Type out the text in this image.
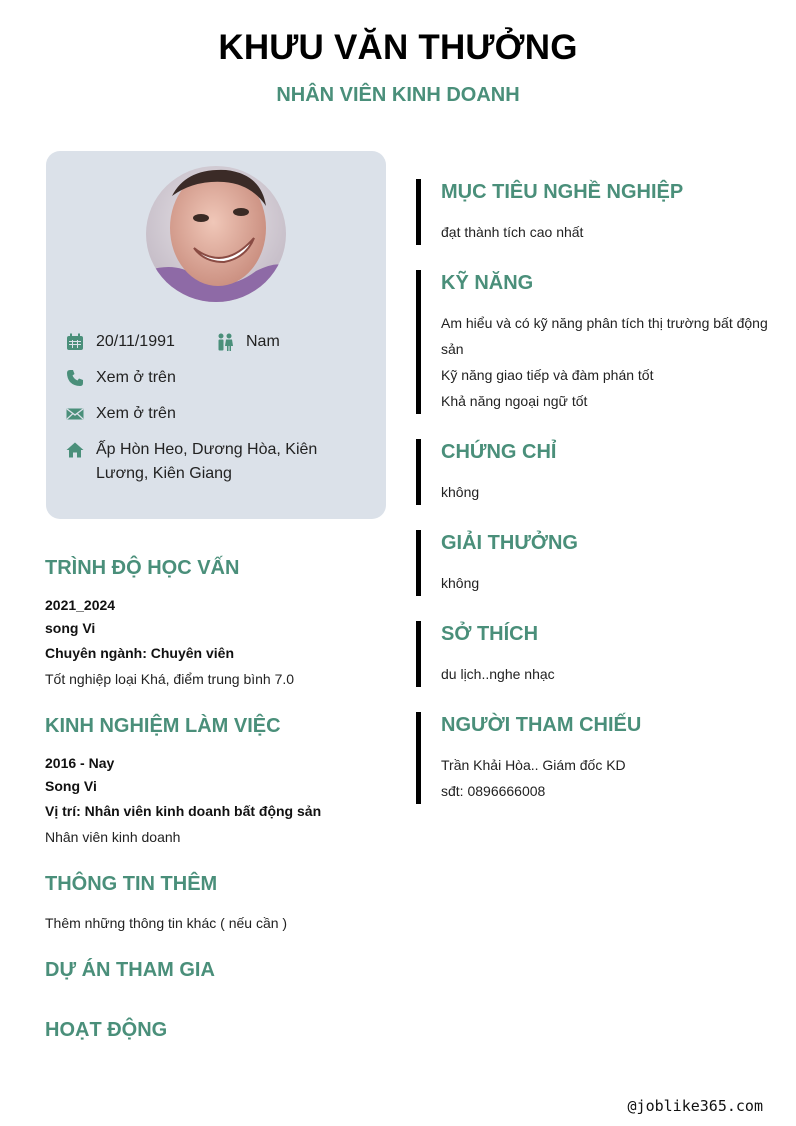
KHƯU VĂN THƯỞNG
NHÂN VIÊN KINH DOANH
20/11/1991	Nam
Xem ở trên
Xem ở trên
Ấp Hòn Heo, Dương Hòa, Kiên Lương, Kiên Giang
TRÌNH ĐỘ HỌC VẤN
2021_2024
song Vi
Chuyên ngành: Chuyên viên
Tốt nghiệp loại Khá, điểm trung bình 7.0
KINH NGHIỆM LÀM VIỆC
2016 - Nay
Song Vi
Vị trí: Nhân viên kinh doanh bất động sản
Nhân viên kinh doanh
THÔNG TIN THÊM
Thêm những thông tin khác ( nếu cần )
DỰ ÁN THAM GIA
HOẠT ĐỘNG
MỤC TIÊU NGHỀ NGHIỆP
đạt thành tích cao nhất
KỸ NĂNG
Am hiểu và có kỹ năng phân tích thị trường bất động sản
Kỹ năng giao tiếp và đàm phán tốt
Khả năng ngoại ngữ tốt
CHỨNG CHỈ
không
GIẢI THƯỞNG
không
SỞ THÍCH
du lịch..nghe nhạc
NGƯỜI THAM CHIẾU
Trần Khải Hòa.. Giám đốc KD
sđt: 0896666008
@joblike365.com
